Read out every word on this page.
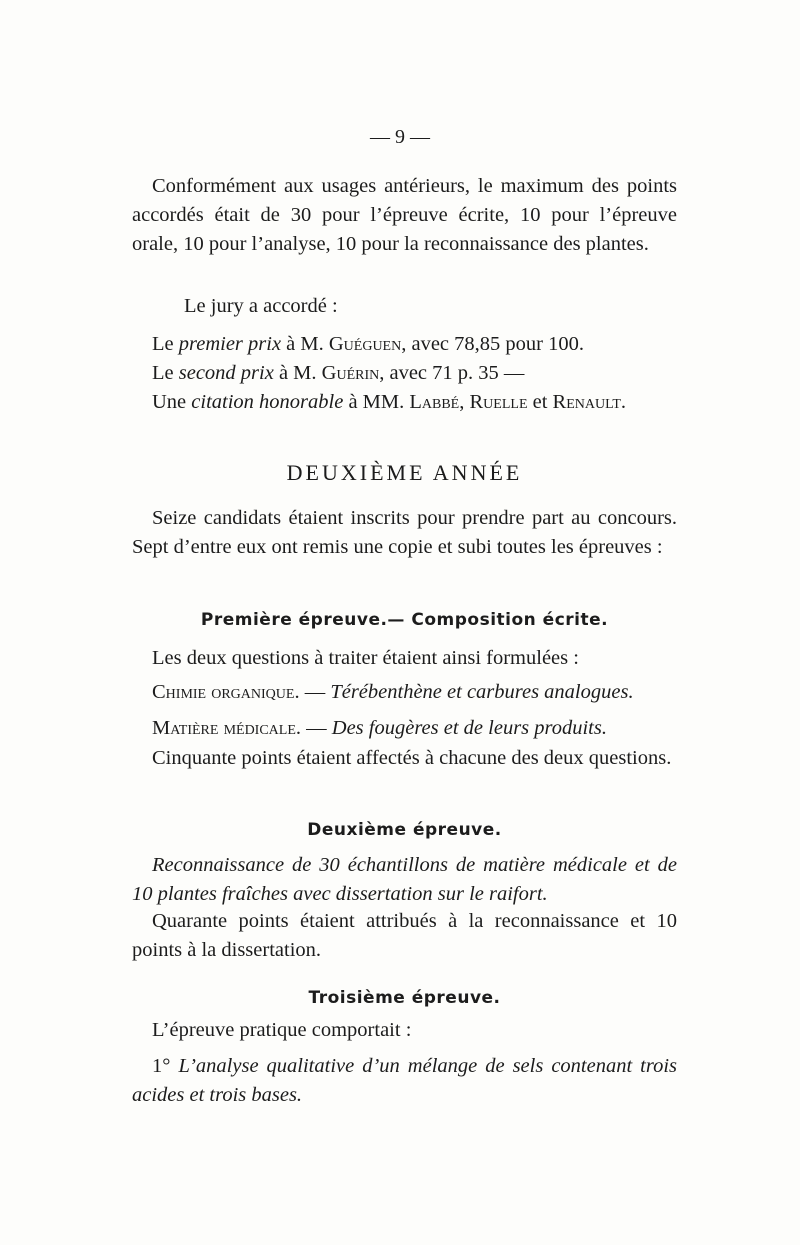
— 9 —
Conformément aux usages antérieurs, le maximum des points accordés était de 30 pour l’épreuve écrite, 10 pour l’épreuve orale, 10 pour l’analyse, 10 pour la reconnaissance des plantes.
Le jury a accordé :
Le premier prix à M. Guéguen, avec 78,85 pour 100.
Le second prix à M. Guérin, avec 71 p. 35 —
Une citation honorable à MM. Labbé, Ruelle et Renault.
DEUXIÈME ANNÉE
Seize candidats étaient inscrits pour prendre part au concours. Sept d’entre eux ont remis une copie et subi toutes les épreuves :
Première épreuve.— Composition écrite.
Les deux questions à traiter étaient ainsi formulées :
Chimie organique. — Térébenthène et carbures analogues.
Matière médicale. — Des fougères et de leurs produits.
Cinquante points étaient affectés à chacune des deux questions.
Deuxième épreuve.
Reconnaissance de 30 échantillons de matière médicale et de 10 plantes fraîches avec dissertation sur le raifort.
Quarante points étaient attribués à la reconnaissance et 10 points à la dissertation.
Troisième épreuve.
L’épreuve pratique comportait :
1° L’analyse qualitative d’un mélange de sels contenant trois acides et trois bases.
